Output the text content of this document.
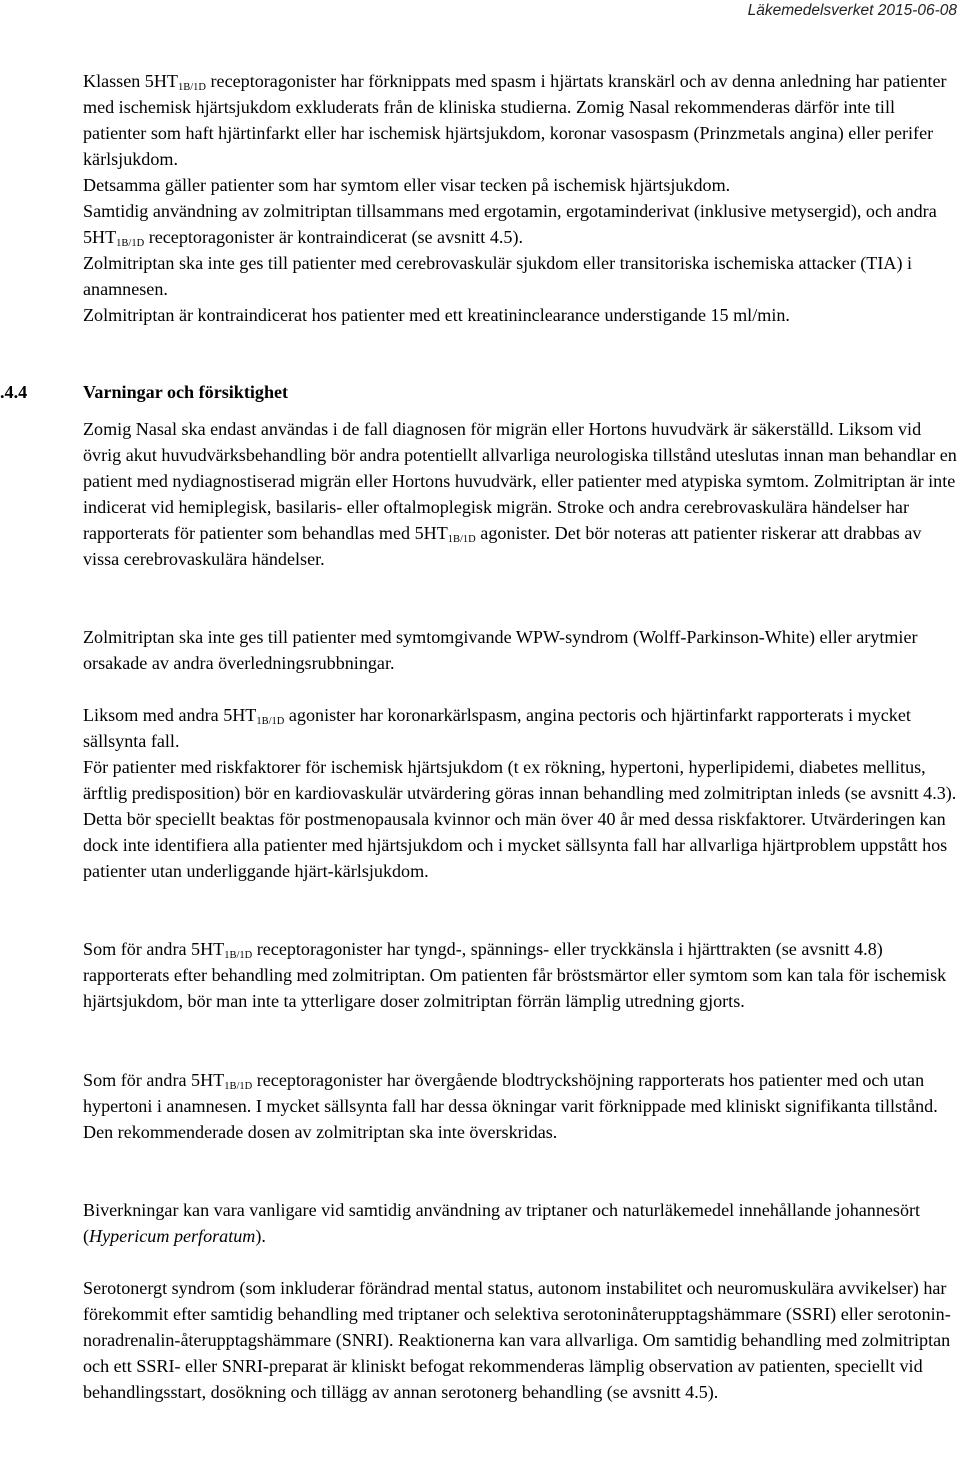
Läkemedelsverket 2015-06-08

Klassen $5HT_{1B/1D}$ receptoragonister har förknippats med spasm i hjärtats kranskärl och av denna anledning har patienter med ischemisk hjärtsjukdom exkluderats från de kliniska studierna. Zomig Nasal rekommenderas därför inte till patienter som haft hjärtinfarkt eller har ischemisk hjärtsjukdom, koronar vasospasm (Prinzmetals angina) eller perifer kärlsjukdom.

Detsamma gäller patienter som har symtom eller visar tecken på ischemisk hjärtsjukdom.

Samtidig användning av zolmitriptan tillsammans med ergotamin, ergotaminderivat (inklusive metysergid), och andra $5HT_{1B/1D}$ receptoragonister är kontraindicerat (se avsnitt 4.5).

Zolmitriptan ska inte ges till patienter med cerebrovaskulär sjukdom eller transitoriska ischemiska attacker (TIA) i anamnesen.

Zolmitriptan är kontraindicerat hos patienter med ett kreatininclearance understigande 15 ml/min.

.4.4	Varningar och försiktighet

Zomig Nasal ska endast användas i de fall diagnosen för migrän eller Hortons huvudvärk är säkerställd. Liksom vid övrig akut huvudvärksbehandling bör andra potentiellt allvarliga neurologiska tillstånd uteslutas innan man behandlar en patient med nydiagnostiserad migrän eller Hortons huvudvärk, eller patienter med atypiska symtom. Zolmitriptan är inte indicerat vid hemiplegisk, basilaris- eller oftalmoplegisk migrän. Stroke och andra cerebrovaskulära händelser har rapporterats för patienter som behandlas med $5HT_{1B/1D}$ agonister. Det bör noteras att patienter riskerar att drabbas av vissa cerebrovaskulära händelser.

Zolmitriptan ska inte ges till patienter med symtomgivande WPW-syndrom (Wolff-Parkinson-White) eller arytmier orsakade av andra överledningsrubbningar.

Liksom med andra $5HT_{1B/1D}$ agonister har koronarkärlspasm, angina pectoris och hjärtinfarkt rapporterats i mycket sällsynta fall.

För patienter med riskfaktorer för ischemisk hjärtsjukdom (t ex rökning, hypertoni, hyperlipidemi, diabetes mellitus, ärftlig predisposition) bör en kardiovaskulär utvärdering göras innan behandling med zolmitriptan inleds (se avsnitt 4.3). Detta bör speciellt beaktas för postmenopausala kvinnor och män över 40 år med dessa riskfaktorer. Utvärderingen kan dock inte identifiera alla patienter med hjärtsjukdom och i mycket sällsynta fall har allvarliga hjärtproblem uppstått hos patienter utan underliggande hjärt-kärlsjukdom.

Som för andra $5HT_{1B/1D}$ receptoragonister har tyngd-, spännings- eller tryckkänsla i hjärttrakten (se avsnitt 4.8) rapporterats efter behandling med zolmitriptan. Om patienten får bröstsmärtor eller symtom som kan tala för ischemisk hjärtsjukdom, bör man inte ta ytterligare doser zolmitriptan förrän lämplig utredning gjorts.

Som för andra $5HT_{1B/1D}$ receptoragonister har övergående blodtryckshöjning rapporterats hos patienter med och utan hypertoni i anamnesen. I mycket sällsynta fall har dessa ökningar varit förknippade med kliniskt signifikanta tillstånd. Den rekommenderade dosen av zolmitriptan ska inte överskridas.

Biverkningar kan vara vanligare vid samtidig användning av triptaner och naturläkemedel innehållande johannesört (Hypericum perforatum).

Serotonergt syndrom (som inkluderar förändrad mental status, autonom instabilitet och neuromuskulära avvikelser) har förekommit efter samtidig behandling med triptaner och selektiva serotoninåterupptagshämmare (SSRI) eller serotonin-noradrenalin-återupptagshämmare (SNRI). Reaktionerna kan vara allvarliga. Om samtidig behandling med zolmitriptan och ett SSRI- eller SNRI-preparat är kliniskt befogat rekommenderas lämplig observation av patienten, speciellt vid behandlingsstart, dosökning och tillägg av annan serotonerg behandling (se avsnitt 4.5).
